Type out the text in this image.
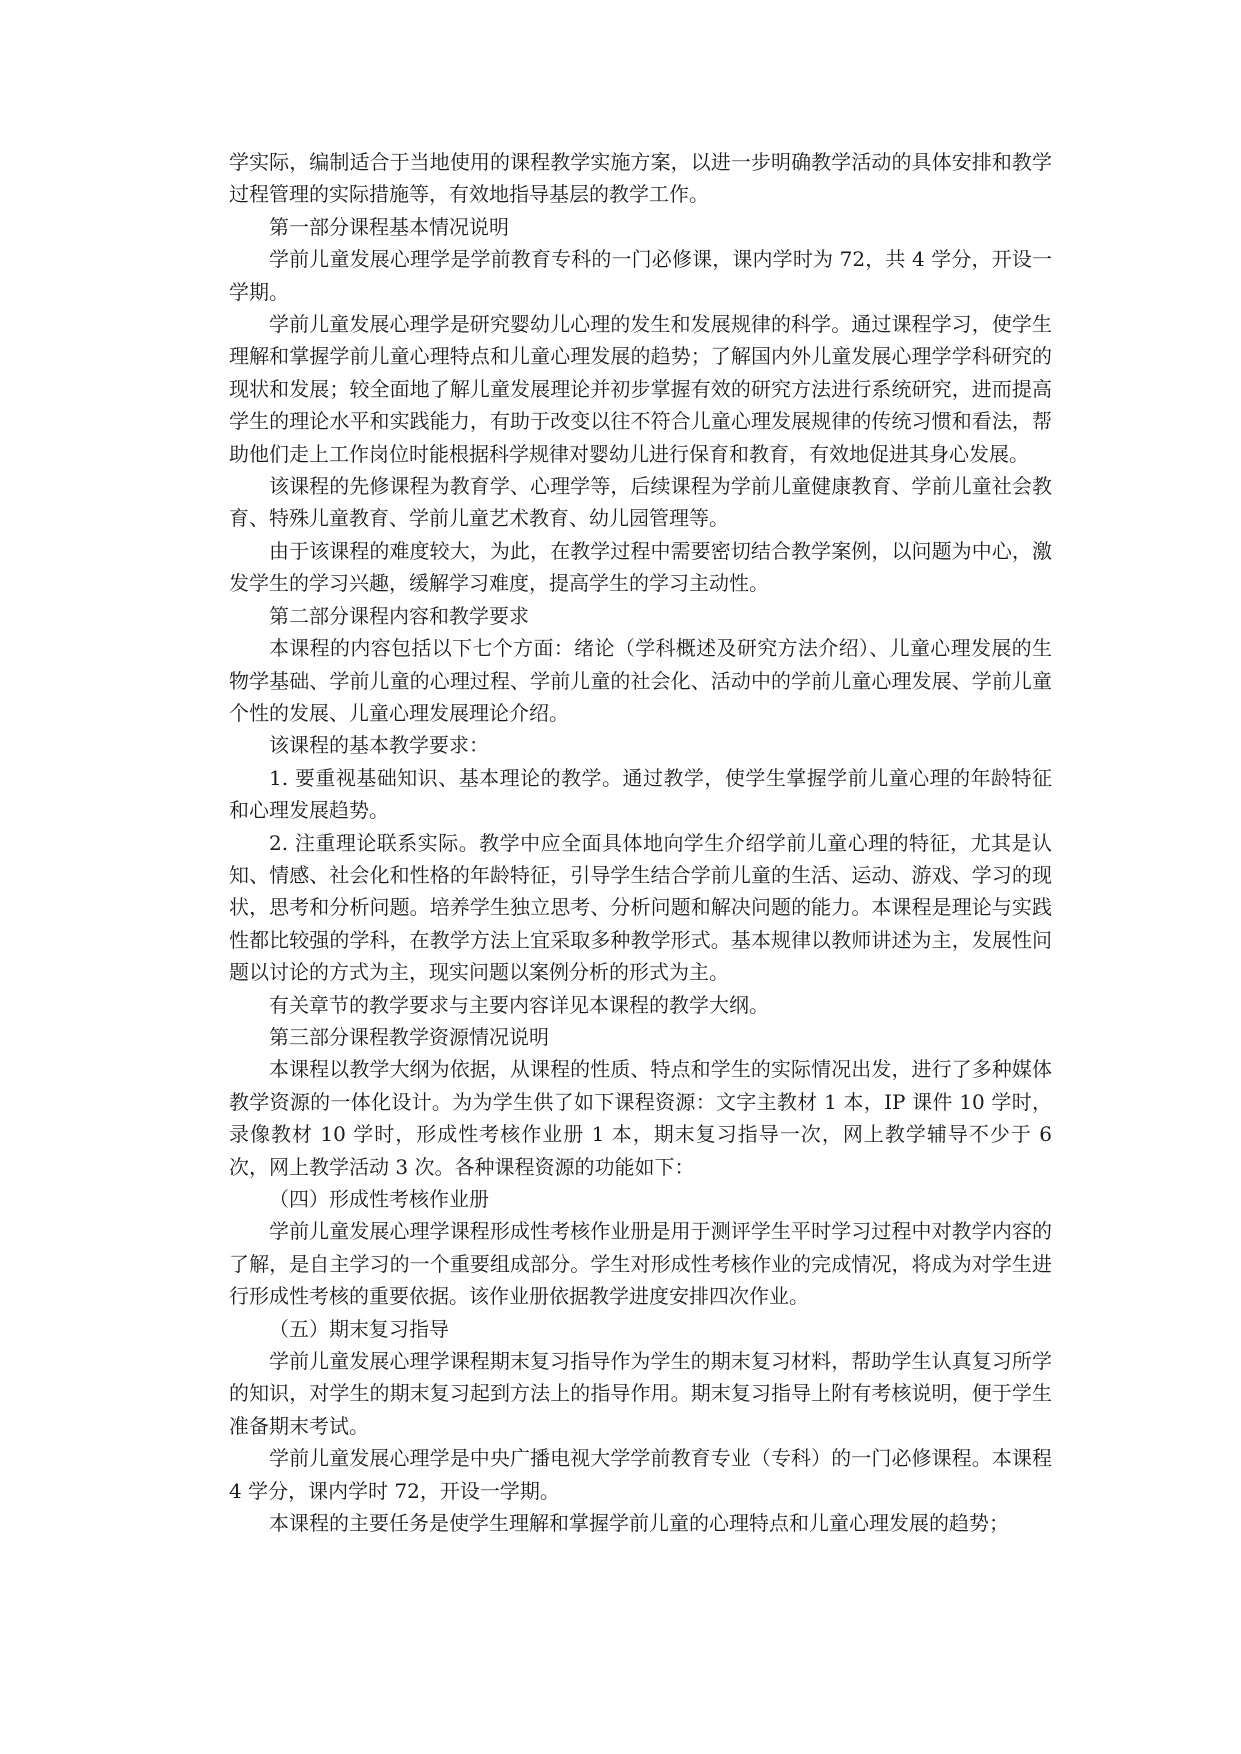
学实际，编制适合于当地使用的课程教学实施方案，以进一步明确教学活动的具体安排和教学过程管理的实际措施等，有效地指导基层的教学工作。

第一部分课程基本情况说明

学前儿童发展心理学是学前教育专科的一门必修课，课内学时为 72，共 4 学分，开设一学期。

学前儿童发展心理学是研究婴幼儿心理的发生和发展规律的科学。通过课程学习，使学生理解和掌握学前儿童心理特点和儿童心理发展的趋势；了解国内外儿童发展心理学学科研究的现状和发展；较全面地了解儿童发展理论并初步掌握有效的研究方法进行系统研究，进而提高学生的理论水平和实践能力，有助于改变以往不符合儿童心理发展规律的传统习惯和看法，帮助他们走上工作岗位时能根据科学规律对婴幼儿进行保育和教育，有效地促进其身心发展。

该课程的先修课程为教育学、心理学等，后续课程为学前儿童健康教育、学前儿童社会教育、特殊儿童教育、学前儿童艺术教育、幼儿园管理等。

由于该课程的难度较大，为此，在教学过程中需要密切结合教学案例，以问题为中心，激发学生的学习兴趣，缓解学习难度，提高学生的学习主动性。

第二部分课程内容和教学要求

本课程的内容包括以下七个方面：绪论（学科概述及研究方法介绍）、儿童心理发展的生物学基础、学前儿童的心理过程、学前儿童的社会化、活动中的学前儿童心理发展、学前儿童个性的发展、儿童心理发展理论介绍。

该课程的基本教学要求：

1. 要重视基础知识、基本理论的教学。通过教学，使学生掌握学前儿童心理的年龄特征和心理发展趋势。

2. 注重理论联系实际。教学中应全面具体地向学生介绍学前儿童心理的特征，尤其是认知、情感、社会化和性格的年龄特征，引导学生结合学前儿童的生活、运动、游戏、学习的现状，思考和分析问题。培养学生独立思考、分析问题和解决问题的能力。本课程是理论与实践性都比较强的学科，在教学方法上宜采取多种教学形式。基本规律以教师讲述为主，发展性问题以讨论的方式为主，现实问题以案例分析的形式为主。

有关章节的教学要求与主要内容详见本课程的教学大纲。

第三部分课程教学资源情况说明

本课程以教学大纲为依据，从课程的性质、特点和学生的实际情况出发，进行了多种媒体教学资源的一体化设计。为为学生供了如下课程资源：文字主教材 1 本，IP 课件 10 学时，录像教材 10 学时，形成性考核作业册 1 本，期末复习指导一次，网上教学辅导不少于 6 次，网上教学活动 3 次。各种课程资源的功能如下：

（四）形成性考核作业册

学前儿童发展心理学课程形成性考核作业册是用于测评学生平时学习过程中对教学内容的了解，是自主学习的一个重要组成部分。学生对形成性考核作业的完成情况，将成为对学生进行形成性考核的重要依据。该作业册依据教学进度安排四次作业。

（五）期末复习指导

学前儿童发展心理学课程期末复习指导作为学生的期末复习材料，帮助学生认真复习所学的知识，对学生的期末复习起到方法上的指导作用。期末复习指导上附有考核说明，便于学生准备期末考试。

学前儿童发展心理学是中央广播电视大学学前教育专业（专科）的一门必修课程。本课程 4 学分，课内学时 72，开设一学期。

本课程的主要任务是使学生理解和掌握学前儿童的心理特点和儿童心理发展的趋势；
